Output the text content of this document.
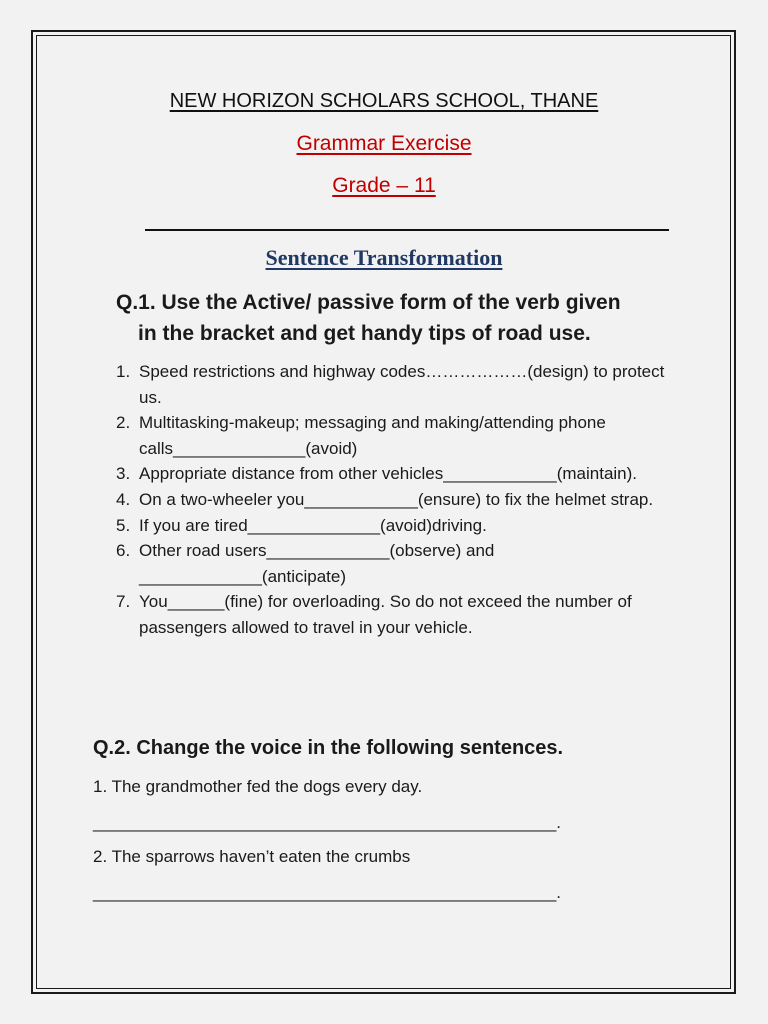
NEW HORIZON SCHOLARS SCHOOL, THANE
Grammar Exercise
Grade – 11
Sentence Transformation
Q.1. Use the Active/ passive form of the verb given
in the bracket and get handy tips of road use.
1. Speed restrictions and highway codes………………(design) to protect us.
2. Multitasking-makeup; messaging and making/attending phone calls______________(avoid)
3. Appropriate distance from other vehicles____________(maintain).
4. On a two-wheeler you____________(ensure) to fix the helmet strap.
5. If you are tired______________(avoid)driving.
6. Other road users_____________(observe) and _____________(anticipate)
7. You______(fine) for overloading. So do not exceed the number of passengers allowed to travel in your vehicle.
Q.2. Change the voice in the following sentences.
1. The grandmother fed the dogs every day.
_________________________________________________.
2. The sparrows haven’t eaten the crumbs
_________________________________________________.
